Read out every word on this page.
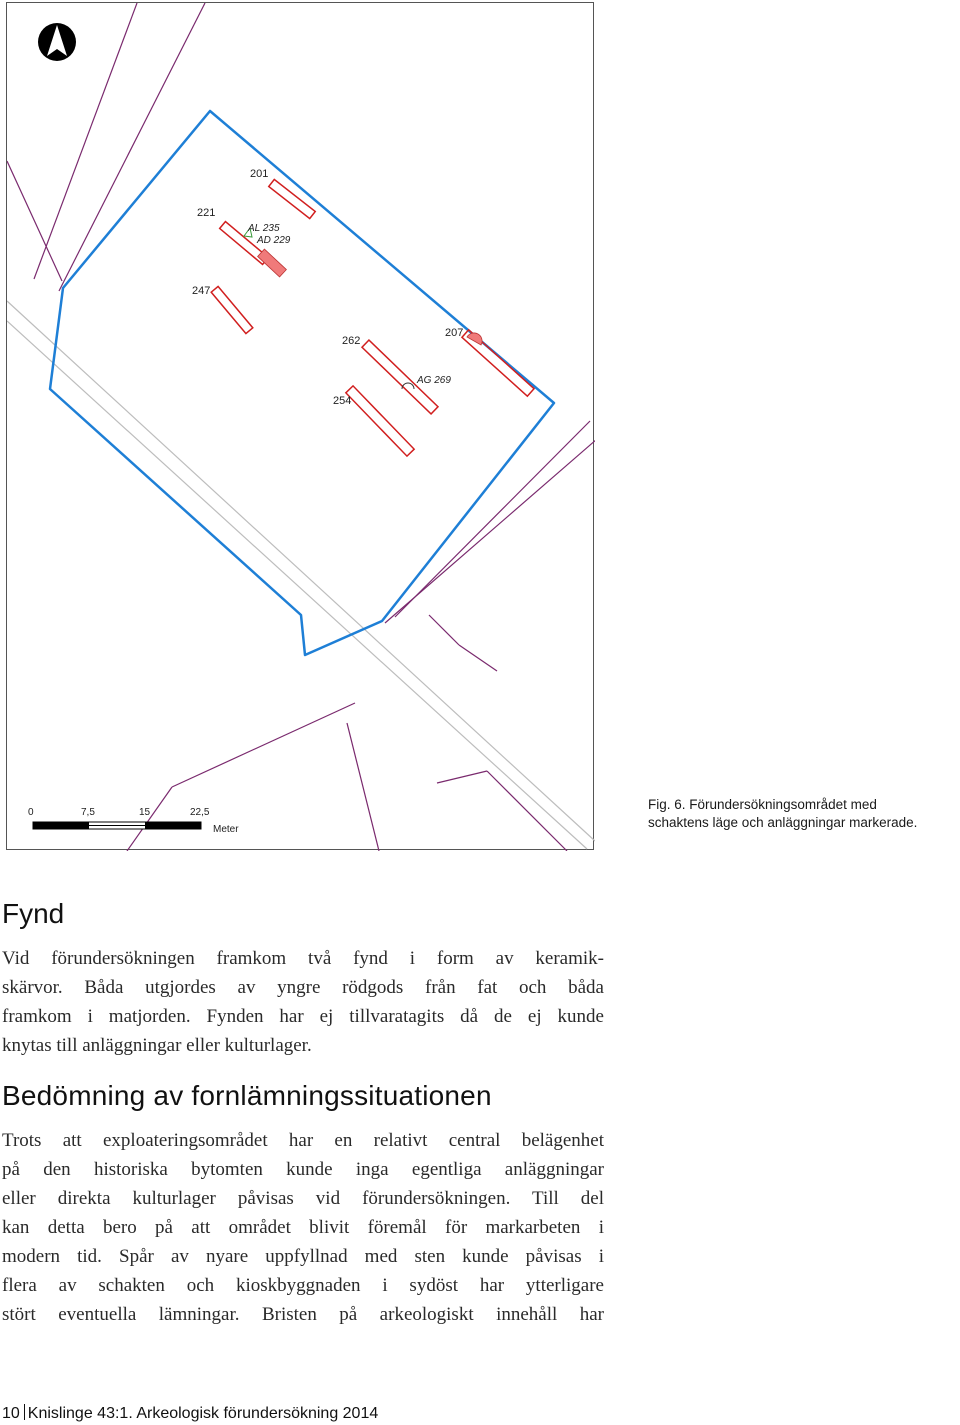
201
221
AL 235
AD 229
247
262
207
AG 269
254
0	7,5	15	22,5
Meter
Fig. 6. Förundersökningsområdet med
schaktens läge och anläggningar markerade.
Fynd
Vid förundersökningen framkom två fynd i form av keramik-
skärvor. Båda utgjordes av yngre rödgods från fat och båda
framkom i matjorden. Fynden har ej tillvaratagits då de ej kunde
knytas till anläggningar eller kulturlager.
Bedömning av fornlämningssituationen
Trots att exploateringsområdet har en relativt central belägenhet
på den historiska bytomten kunde inga egentliga anläggningar
eller direkta kulturlager påvisas vid förundersökningen. Till del
kan detta bero på att området blivit föremål för markarbeten i
modern tid. Spår av nyare uppfyllnad med sten kunde påvisas i
flera av schakten och kioskbyggnaden i sydöst har ytterligare
stört eventuella lämningar. Bristen på arkeologiskt innehåll har
10 Knislinge 43:1. Arkeologisk förundersökning 2014
